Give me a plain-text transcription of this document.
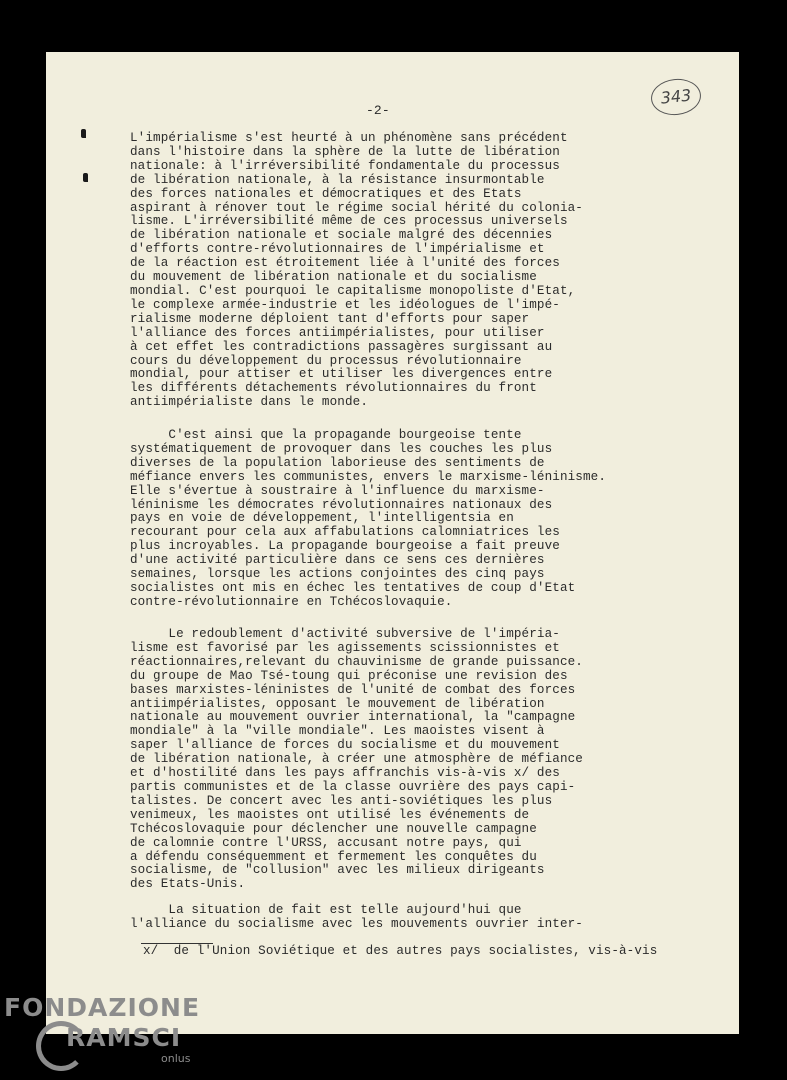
343
-2-
L'impérialisme s'est heurté à un phénomène sans précédent
dans l'histoire dans la sphère de la lutte de libération
nationale: à l'irréversibilité fondamentale du processus
de libération nationale, à la résistance insurmontable
des forces nationales et démocratiques et des Etats
aspirant à rénover tout le régime social hérité du colonia-
lisme. L'irréversibilité même de ces processus universels
de libération nationale et sociale malgré des décennies
d'efforts contre-révolutionnaires de l'impérialisme et
de la réaction est étroitement liée à l'unité des forces
du mouvement de libération nationale et du socialisme
mondial. C'est pourquoi le capitalisme monopoliste d'Etat,
le complexe armée-industrie et les idéologues de l'impé-
rialisme moderne déploient tant d'efforts pour saper
l'alliance des forces antiimpérialistes, pour utiliser
à cet effet les contradictions passagères surgissant au
cours du développement du processus révolutionnaire
mondial, pour attiser et utiliser les divergences entre
les différents détachements révolutionnaires du front
antiimpérialiste dans le monde.
C'est ainsi que la propagande bourgeoise tente
systématiquement de provoquer dans les couches les plus
diverses de la population laborieuse des sentiments de
méfiance envers les communistes, envers le marxisme-léninisme.
Elle s'évertue à soustraire à l'influence du marxisme-
léninisme les démocrates révolutionnaires nationaux des
pays en voie de développement, l'intelligentsia en
recourant pour cela aux affabulations calomniatrices les
plus incroyables. La propagande bourgeoise a fait preuve
d'une activité particulière dans ce sens ces dernières
semaines, lorsque les actions conjointes des cinq pays
socialistes ont mis en échec les tentatives de coup d'Etat
contre-révolutionnaire en Tchécoslovaquie.
Le redoublement d'activité subversive de l'impéria-
lisme est favorisé par les agissements scissionnistes et
réactionnaires,relevant du chauvinisme de grande puissance.
du groupe de Mao Tsé-toung qui préconise une revision des
bases marxistes-léninistes de l'unité de combat des forces
antiimpérialistes, opposant le mouvement de libération
nationale au mouvement ouvrier international, la "campagne
mondiale" à la "ville mondiale". Les maoistes visent à
saper l'alliance de forces du socialisme et du mouvement
de libération nationale, à créer une atmosphère de méfiance
et d'hostilité dans les pays affranchis vis-à-vis x/ des
partis communistes et de la classe ouvrière des pays capi-
talistes. De concert avec les anti-soviétiques les plus
venimeux, les maoistes ont utilisé les événements de
Tchécoslovaquie pour déclencher une nouvelle campagne
de calomnie contre l'URSS, accusant notre pays, qui
a défendu conséquemment et fermement les conquêtes du
socialisme, de "collusion" avec les milieux dirigeants
des Etats-Unis.
La situation de fait est telle aujourd'hui que
l'alliance du socialisme avec les mouvements ouvrier inter-
x/  de l'Union Soviétique et des autres pays socialistes, vis-à-vis
FONDAZIONE
RAMSCI
onlus
